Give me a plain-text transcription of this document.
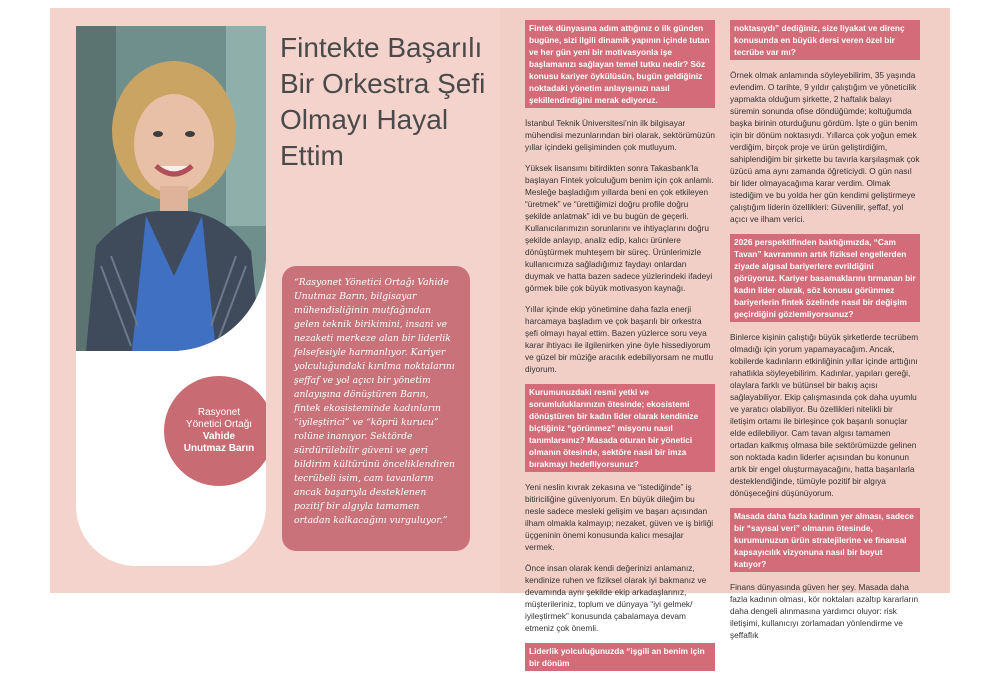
Rasyonet
Yönetici Ortağı
Vahide
Unutmaz Barın
Fintekte Başarılı Bir Orkestra Şefi Olmayı Hayal Ettim
“Rasyonet Yönetici Ortağı Vahide Unutmaz Barın, bilgisayar mühendisliğinin mutfağından gelen teknik birikimini, insani ve nezaketi merkeze alan bir liderlik felsefesiyle harmanlıyor. Kariyer yolculuğundaki kırılma noktalarını şeffaf ve yol açıcı bir yönetim anlayışına dönüştüren Barın, fintek ekosisteminde kadınların “iyileştirici” ve “köprü kurucu” rolüne inanıyor. Sektörde sürdürülebilir güveni ve geri bildirim kültürünü önceliklendiren tecrübeli isim, cam tavanların ancak başarıyla desteklenen pozitif bir algıyla tamamen ortadan kalkacağını vurguluyor.”
Fintek dünyasına adım attığınız o ilk günden bugüne, sizi ilgili dinamik yapının içinde tutan ve her gün yeni bir motivasyonla işe başlamanızı sağlayan temel tutku nedir? Söz konusu kariyer öykülüsün, bugün geldiğiniz noktadaki yönetim anlayışınızı nasıl şekillendirdiğini merak ediyoruz.

İstanbul Teknik Üniversitesi’nin ilk bilgisayar mühendisi mezunlarından biri olarak, sektörümüzün yıllar içindeki gelişiminden çok mutluyum.

Yüksek lisansımı bitirdikten sonra Takasbank’la başlayan Fintek yolculuğum benim için çok anlamlı. Mesleğe başladığım yıllarda beni en çok etkileyen “üretmek” ve “ürettiğimizi doğru profile doğru şekilde anlatmak” idi ve bu bugün de geçerli. Kullanıcılarımızın sorunlarını ve ihtiyaçlarını doğru şekilde anlayıp, analiz edip, kalıcı ürünlere dönüştürmek muhteşem bir süreç. Ürünlerimizle kullanıcımıza sağladığımız faydayı onlardan duymak ve hatta bazen sadece yüzlerindeki ifadeyi görmek bile çok büyük motivasyon kaynağı.

Yıllar içinde ekip yönetimine daha fazla enerji harcamaya başladım ve çok başarılı bir orkestra şefi olmayı hayal ettim. Bazen yüzlerce soru veya karar ihtiyacı ile ilgilenirken yine öyle hissediyorum ve güzel bir müziğe aracılık edebiliyorsam ne mutlu diyorum.

Kurumunuzdaki resmi yetki ve sorumluluklarınızın ötesinde; ekosistemi dönüştüren bir kadın lider olarak kendinize biçtiğiniz “görünmez” misyonu nasıl tanımlarsınız? Masada oturan bir yönetici olmanın ötesinde, sektöre nasıl bir imza bırakmayı hedefliyorsunuz?

Yeni neslin kıvrak zekasına ve “istediğinde” iş bitiriciliğine güveniyorum. En büyük dileğim bu nesle sadece mesleki gelişim ve başarı açısından ilham olmakla kalmayıp; nezaket, güven ve iş birliği üçgeninin önemi konusunda kalıcı mesajlar vermek.

Önce insan olarak kendi değerinizi anlamanız, kendinize ruhen ve fiziksel olarak iyi bakmanız ve devamında aynı şekilde ekip arkadaşlarınız, müşterileriniz, toplum ve dünyaya “iyi gelmek/ iyileştirmek” konusunda çabalamaya devam etmeniz çok önemli.

Liderlik yolculuğunuzda “işgili an benim için bir dönüm
noktasıydı” dediğiniz, size liyakat ve direnç konusunda en büyük dersi veren özel bir tecrübe var mı?

Örnek olmak anlamında söyleyebilirim, 35 yaşında evlendim. O tarihte, 9 yıldır çalıştığım ve yöneticilik yapmakta olduğum şirkette, 2 haftalık balayı süremin sonunda ofise döndüğümde; koltuğumda başka birinin oturduğunu gördüm. İşte o gün benim için bir dönüm noktasıydı. Yıllarca çok yoğun emek verdiğim, birçok proje ve ürün geliştirdiğim, sahiplendiğim bir şirkette bu tavırla karşılaşmak çok üzücü ama aynı zamanda öğreticiydi. O gün nasıl bir lider olmayacağıma karar verdim. Olmak istediğim ve bu yolda her gün kendimi geliştirmeye çalıştığım liderin özellikleri: Güvenilir, şeffaf, yol açıcı ve ilham verici.

2026 perspektifinden baktığımızda, “Cam Tavan” kavramının artık fiziksel engellerden ziyade algısal bariyerlere evrildiğini görüyoruz. Kariyer basamaklarını tırmanan bir kadın lider olarak, söz konusu görünmez bariyerlerin fintek özelinde nasıl bir değişim geçirdiğini gözlemliyorsunuz?

Binlerce kişinin çalıştığı büyük şirketlerde tecrübem olmadığı için yorum yapamayacağım. Ancak, kobilerde kadınların etkinliğinin yıllar içinde arttığını rahatlıkla söyleyebilirim. Kadınlar, yapıları gereği, olaylara farklı ve bütünsel bir bakış açısı sağlayabiliyor. Ekip çalışmasında çok daha uyumlu ve yaratıcı olabiliyor. Bu özellikleri nitelikli bir iletişim ortamı ile birleşince çok başarılı sonuçlar elde edilebiliyor. Cam tavan algısı tamamen ortadan kalkmış olmasa bile sektörümüzde gelinen son noktada kadın liderler açısından bu konunun artık bir engel oluşturmayacağını, hatta başarılarla desteklendiğinde, tümüyle pozitif bir algıya dönüşeceğini düşünüyorum.

Masada daha fazla kadının yer alması, sadece bir “sayısal veri” olmanın ötesinde, kurumunuzun ürün stratejilerine ve finansal kapsayıcılık vizyonuna nasıl bir boyut katıyor?

Finans dünyasında güven her şey. Masada daha fazla kadının olması, kör noktaları azaltıp kararların daha dengeli alınmasına yardımcı oluyor: risk iletişimi, kullanıcıyı zorlamadan yönlendirme ve şeffaflık
